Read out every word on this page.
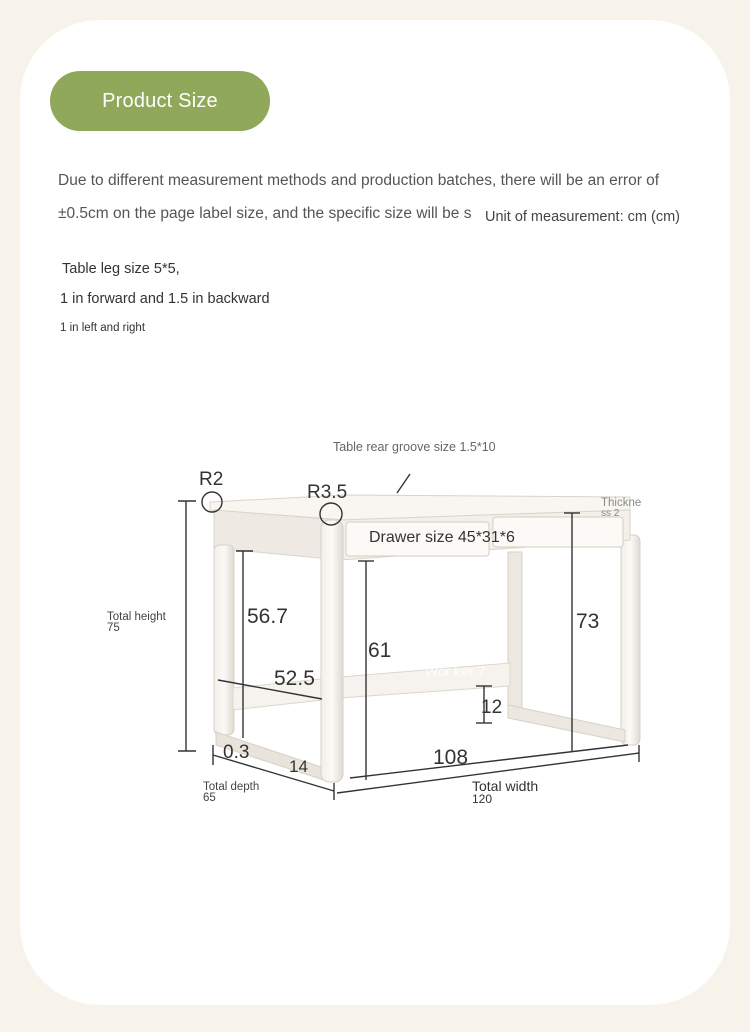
Product Size
Due to different measurement methods and production batches, there will be an error of
±0.5cm on the page label size, and the specific size will be s Unit of measurement: cm (cm)
Table leg size 5*5,
1 in forward and 1.5 in backward
1 in left and right
Wor ker 7
Table rear groove size 1.5*10
R2
R3.5	Thickne
ss 2
Drawer size 45*31*6
Total height
75	56.7
61
73
52.5
12
0.3
14	108
Total depth
65
Total width
120
